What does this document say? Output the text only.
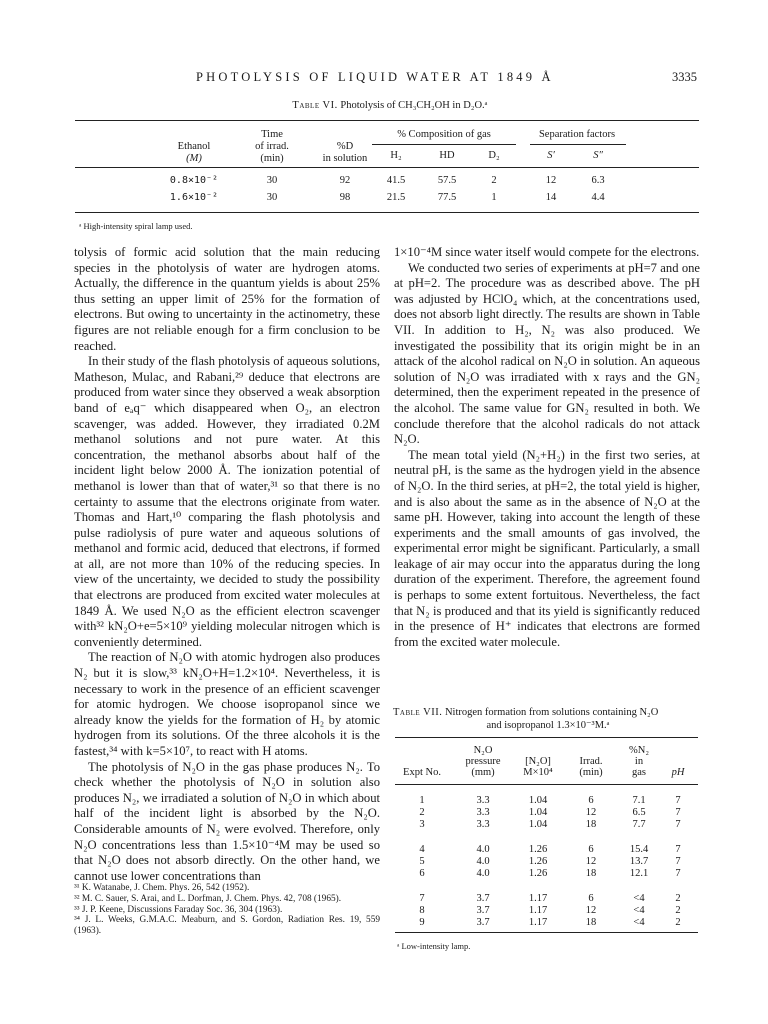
PHOTOLYSIS OF LIQUID WATER AT 1849 Å	3335
Table VI. Photolysis of CH₃CH₂OH in D₂O.ᵃ
Ethanol
(M)
Time
of irrad.
(min)
%D
in solution
% Composition of gas
H₂	HD	D₂
Separation factors
S′	S″
0.8×10⁻²	30	92	41.5	57.5	2	12	6.3
1.6×10⁻²	30	98	21.5	77.5	1	14	4.4
ᵃ High-intensity spiral lamp used.

tolysis of formic acid solution that the main reducing species in the photolysis of water are hydrogen atoms. Actually, the difference in the quantum yields is about 25% thus setting an upper limit of 25% for the formation of electrons. But owing to uncertainty in the actinometry, these figures are not reliable enough for a firm conclusion to be reached.

In their study of the flash photolysis of aqueous solutions, Matheson, Mulac, and Rabani,²⁹ deduce that electrons are produced from water since they observed a weak absorption band of eₐq⁻ which disappeared when O₂, an electron scavenger, was added. However, they irradiated 0.2M methanol solutions and not pure water. At this concentration, the methanol absorbs about half of the incident light below 2000 Å. The ionization potential of methanol is lower than that of water,³¹ so that there is no certainty to assume that the electrons originate from water. Thomas and Hart,¹⁰ comparing the flash photolysis and pulse radiolysis of pure water and aqueous solutions of methanol and formic acid, deduced that electrons, if formed at all, are not more than 10% of the reducing species. In view of the uncertainty, we decided to study the possibility that electrons are produced from excited water molecules at 1849 Å. We used N₂O as the efficient electron scavenger with³² kN₂O+e=5×10⁹ yielding molecular nitrogen which is conveniently determined.

The reaction of N₂O with atomic hydrogen also produces N₂ but it is slow,³³ kN₂O+H=1.2×10⁴. Nevertheless, it is necessary to work in the presence of an efficient scavenger for atomic hydrogen. We choose isopropanol since we already know the yields for the formation of H₂ by atomic hydrogen from its solutions. Of the three alcohols it is the fastest,³⁴ with k=5×10⁷, to react with H atoms.

The photolysis of N₂O in the gas phase produces N₂. To check whether the photolysis of N₂O in solution also produces N₂, we irradiated a solution of N₂O in which about half of the incident light is absorbed by the N₂O. Considerable amounts of N₂ were evolved. Therefore, only N₂O concentrations less than 1.5×10⁻⁴M may be used so that N₂O does not absorb directly. On the other hand, we cannot use lower concentrations than

³¹ K. Watanabe, J. Chem. Phys. 26, 542 (1952).

³² M. C. Sauer, S. Arai, and L. Dorfman, J. Chem. Phys. 42, 708 (1965).

³³ J. P. Keene, Discussions Faraday Soc. 36, 304 (1963).

³⁴ J. L. Weeks, G.M.A.C. Meaburn, and S. Gordon, Radiation Res. 19, 559 (1963).

1×10⁻⁴M since water itself would compete for the electrons.

We conducted two series of experiments at pH=7 and one at pH=2. The procedure was as described above. The pH was adjusted by HClO₄ which, at the concentrations used, does not absorb light directly. The results are shown in Table VII. In addition to H₂, N₂ was also produced. We investigated the possibility that its origin might be in an attack of the alcohol radical on N₂O in solution. An aqueous solution of N₂O was irradiated with x rays and the GN₂ determined, then the experiment repeated in the presence of the alcohol. The same value for GN₂ resulted in both. We conclude therefore that the alcohol radicals do not attack N₂O.

The mean total yield (N₂+H₂) in the first two series, at neutral pH, is the same as the hydrogen yield in the absence of N₂O. In the third series, at pH=2, the total yield is higher, and is also about the same as in the absence of N₂O at the same pH. However, taking into account the length of these experiments and the small amounts of gas involved, the experimental error might be significant. Particularly, a small leakage of air may occur into the apparatus during the long duration of the experiment. Therefore, the agreement found is perhaps to some extent fortuitous. Nevertheless, the fact that N₂ is produced and that its yield is significantly reduced in the presence of H⁺ indicates that electrons are formed from the excited water molecule.

Table VII. Nitrogen formation from solutions containing N₂O
and isopropanol 1.3×10⁻³M.ᵃ
N₂O
pressure
(mm)
Expt No.
[N₂O]
M×10⁴
Irrad.
(min)
%N₂
in
gas pH
1	3.3	1.04	6	7.1	7
2	3.3	1.04	12	6.5	7
3	3.3	1.04	18	7.7	7
4	4.0	1.26	6	15.4	7
5	4.0	1.26	12	13.7	7
6	4.0	1.26	18	12.1	7
7	3.7	1.17	6	<4	2
8	3.7	1.17	12	<4	2
9	3.7	1.17	18	<4	2
ᵃ Low-intensity lamp.
